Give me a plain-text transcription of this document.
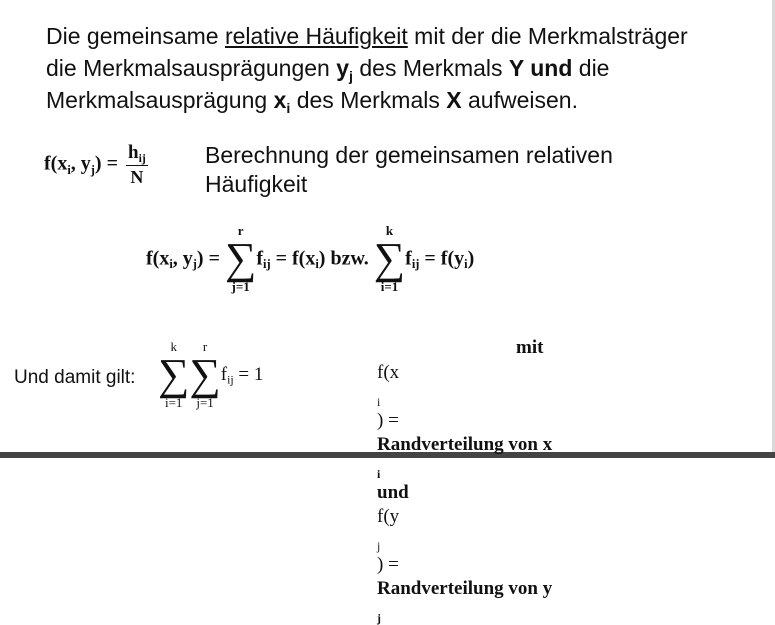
Die gemeinsame relative Häufigkeit mit der die Merkmalsträger
die Merkmalsausprägungen $y_j$ des Merkmals Y und die
Merkmalsausprägung $x_i$ des Merkmals X aufweisen.
$f(x_i$, $y_j) = \frac{h_{ij}}{N}$ Berechnung der gemeinsamen relativen
Häufigkeit
$f(x_i$, $y_j$) =
r
∑
j=1
$f_{ij} = f(x_i)$ bzw.
k
∑
i=1
$f_{ij} = f(y_i)$
Und damit gilt:
k
∑
i=1
r
∑
j=1
$f_{ij} = 1$
mit
f(x
$_i$
) =
Randverteilung von x
$_i$
und
f(y
$_j$
) =
Randverteilung von y
$_j$
